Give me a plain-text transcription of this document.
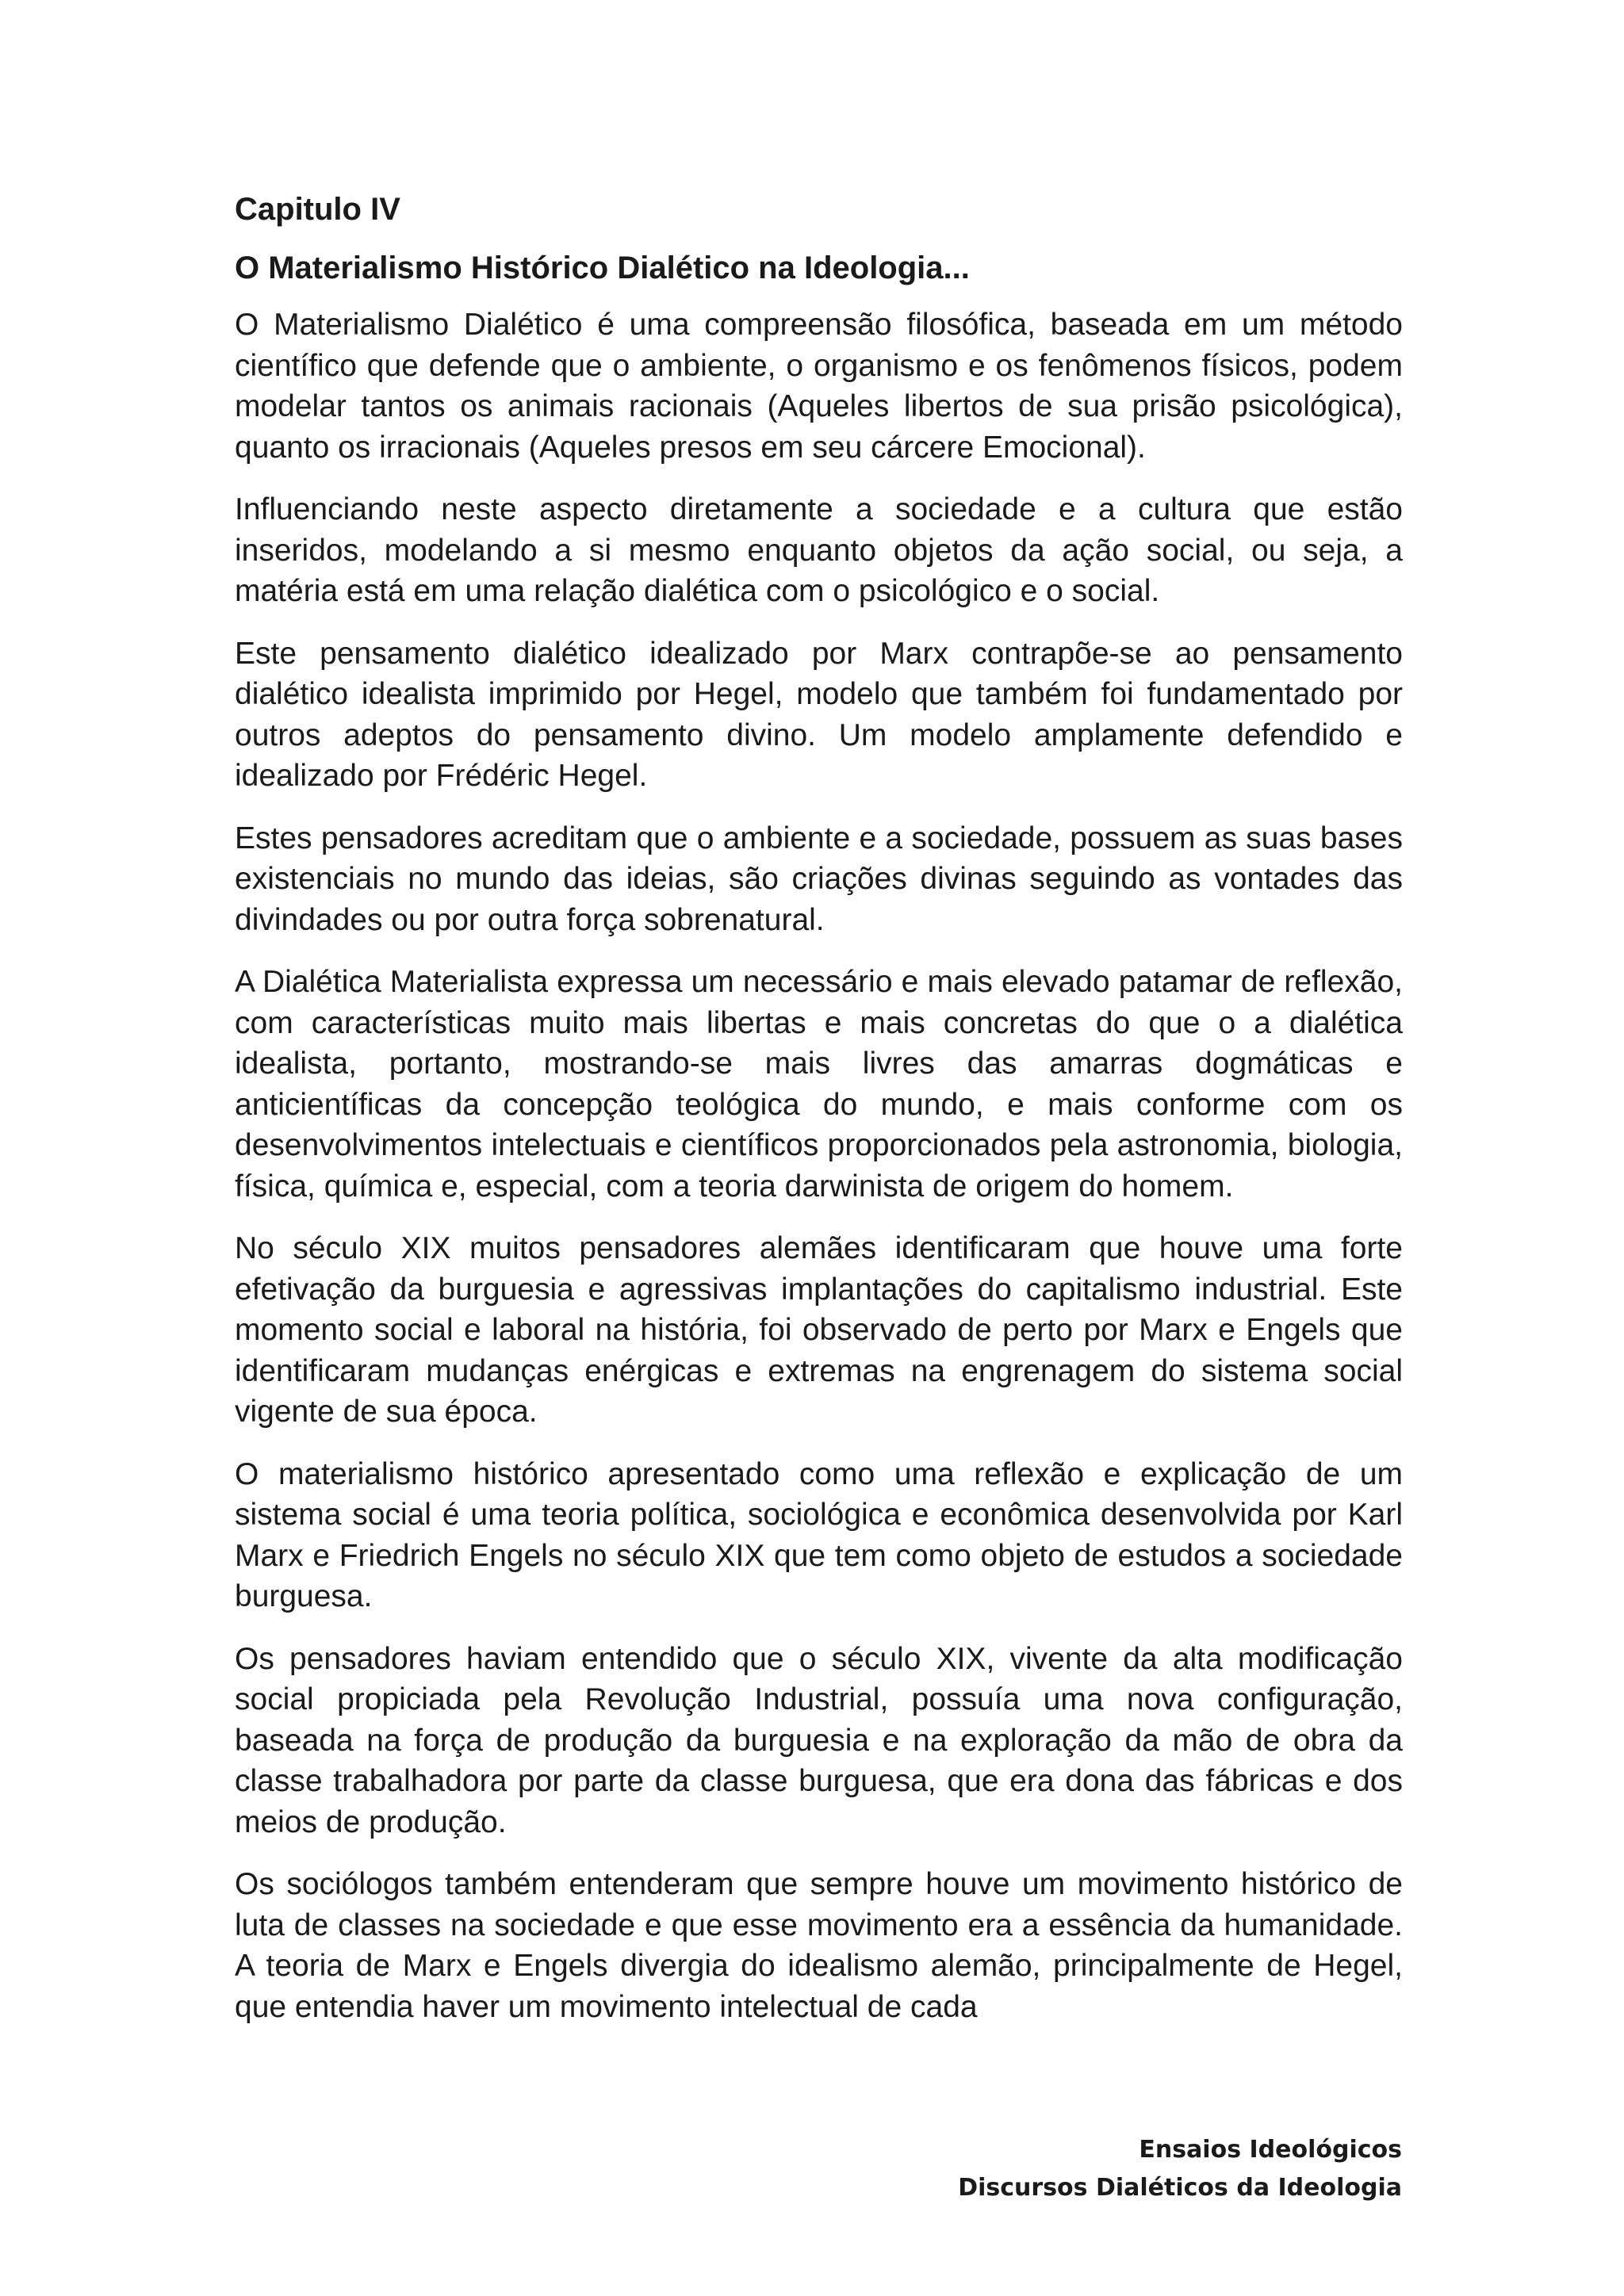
Capitulo IV
O Materialismo Histórico Dialético na Ideologia...

O Materialismo Dialético é uma compreensão filosófica, baseada em um método científico que defende que o ambiente, o organismo e os fenômenos físicos, podem modelar tantos os animais racionais (Aqueles libertos de sua prisão psicológica), quanto os irracionais (Aqueles presos em seu cárcere Emocional).

Influenciando neste aspecto diretamente a sociedade e a cultura que estão inseridos, modelando a si mesmo enquanto objetos da ação social, ou seja, a matéria está em uma relação dialética com o psicológico e o social.

Este pensamento dialético idealizado por Marx contrapõe-se ao pensamento dialético idealista imprimido por Hegel, modelo que também foi fundamentado por outros adeptos do pensamento divino. Um modelo amplamente defendido e idealizado por Frédéric Hegel.

Estes pensadores acreditam que o ambiente e a sociedade, possuem as suas bases existenciais no mundo das ideias, são criações divinas seguindo as vontades das divindades ou por outra força sobrenatural.

A Dialética Materialista expressa um necessário e mais elevado patamar de reflexão, com características muito mais libertas e mais concretas do que o a dialética idealista, portanto, mostrando-se mais livres das amarras dogmáticas e anticientíficas da concepção teológica do mundo, e mais conforme com os desenvolvimentos intelectuais e científicos proporcionados pela astronomia, biologia, física, química e, especial, com a teoria darwinista de origem do homem.

No século XIX muitos pensadores alemães identificaram que houve uma forte efetivação da burguesia e agressivas implantações do capitalismo industrial. Este momento social e laboral na história, foi observado de perto por Marx e Engels que identificaram mudanças enérgicas e extremas na engrenagem do sistema social vigente de sua época.

O materialismo histórico apresentado como uma reflexão e explicação de um sistema social é uma teoria política, sociológica e econômica desenvolvida por Karl Marx e Friedrich Engels no século XIX que tem como objeto de estudos a sociedade burguesa.

Os pensadores haviam entendido que o século XIX, vivente da alta modificação social propiciada pela Revolução Industrial, possuía uma nova configuração, baseada na força de produção da burguesia e na exploração da mão de obra da classe trabalhadora por parte da classe burguesa, que era dona das fábricas e dos meios de produção.

Os sociólogos também entenderam que sempre houve um movimento histórico de luta de classes na sociedade e que esse movimento era a essência da humanidade. A teoria de Marx e Engels divergia do idealismo alemão, principalmente de Hegel, que entendia haver um movimento intelectual de cada

Ensaios Ideológicos
Discursos Dialéticos da Ideologia
